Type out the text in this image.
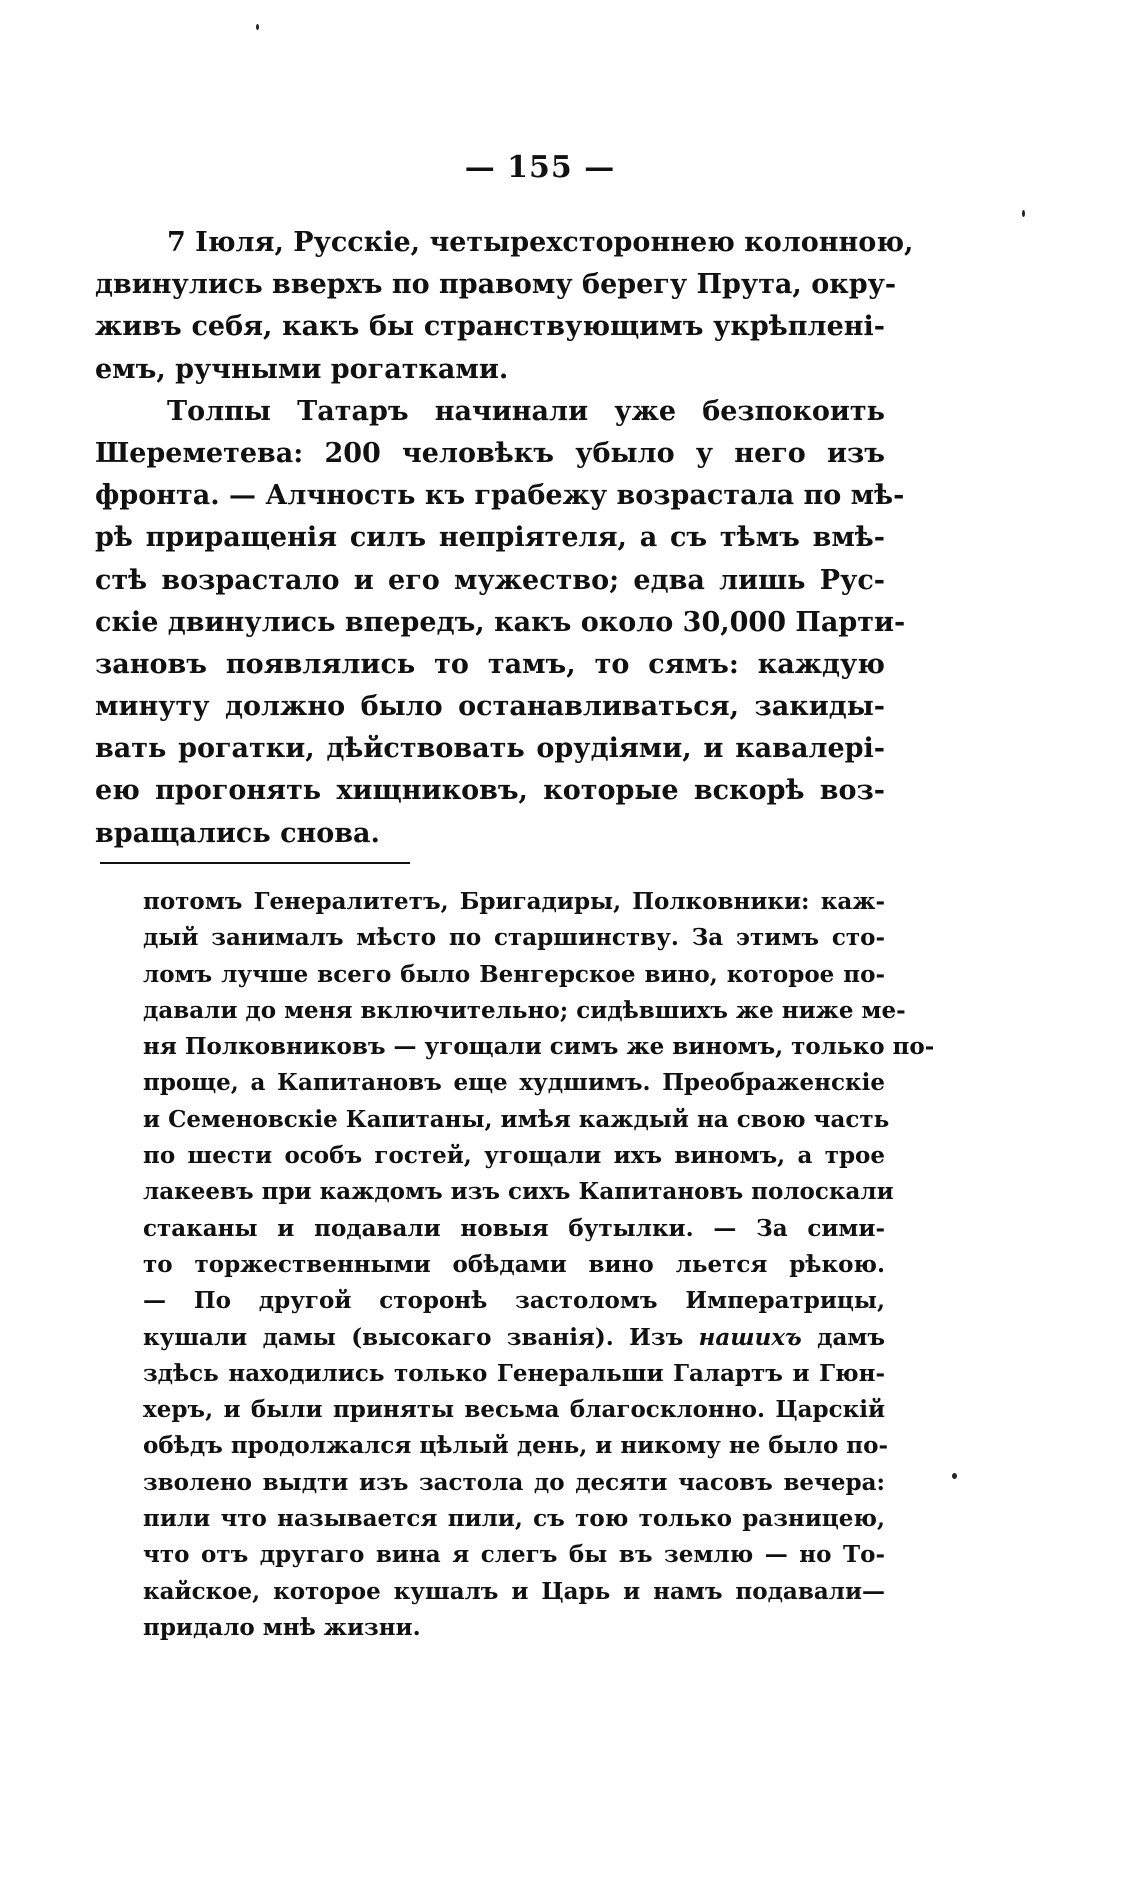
— 155 —
7 Іюля, Русскіе, четырехстороннею колонною,
двинулись вверхъ по правому берегу Прута, окру-
живъ себя, какъ бы странствующимъ укрѣпленi-
емъ, ручными рогатками.
Толпы Татаръ начинали уже безпокоить
Шереметева: 200 человѣкъ убыло у него изъ
фронта. — Алчность къ грабежу возрастала по мѣ-
рѣ приращенія силъ непріятеля, а съ тѣмъ вмѣ-
стѣ возрастало и его мужество; едва лишь Рус-
скіе двинулись впередъ, какъ около 30,000 Парти-
зановъ появлялись то тамъ, то сямъ: каждую
минуту должно было останавливаться, закиды-
вать рогатки, дѣйствовать орудіями, и кавалері-
ею прогонять хищниковъ, которые вскорѣ воз-
вращались снова.
потомъ Генералитетъ, Бригадиры, Полковники: каж-
дый занималъ мѣсто по старшинству. За этимъ сто-
ломъ лучше всего было Венгерское вино, которое по-
давали до меня включительно; сидѣвшихъ же ниже ме-
ня Полковниковъ — угощали симъ же виномъ, только по-
проще, а Капитановъ еще худшимъ. Преображенскіе
и Семеновскіе Капитаны, имѣя каждый на свою часть
по шести особъ гостей, угощали ихъ виномъ, а трое
лакеевъ при каждомъ изъ сихъ Капитановъ полоскали
стаканы и подавали новыя бутылки. — За сими-
то торжественными обѣдами вино льется рѣкою.
— По другой сторонѣ застоломъ Императрицы,
кушали дамы (высокаго званія). Изъ нашихъ дамъ
здѣсь находились только Генеральши Галартъ и Гюн-
херъ, и были приняты весьма благосклонно. Царскій
обѣдъ продолжался цѣлый день, и никому не было по-
зволено выдти изъ застола до десяти часовъ вечера:
пили что называется пили, съ тою только разницею,
что отъ другаго вина я слегъ бы въ землю — но То-
кайское, которое кушалъ и Царь и намъ подавали—
придало мнѣ жизни.
